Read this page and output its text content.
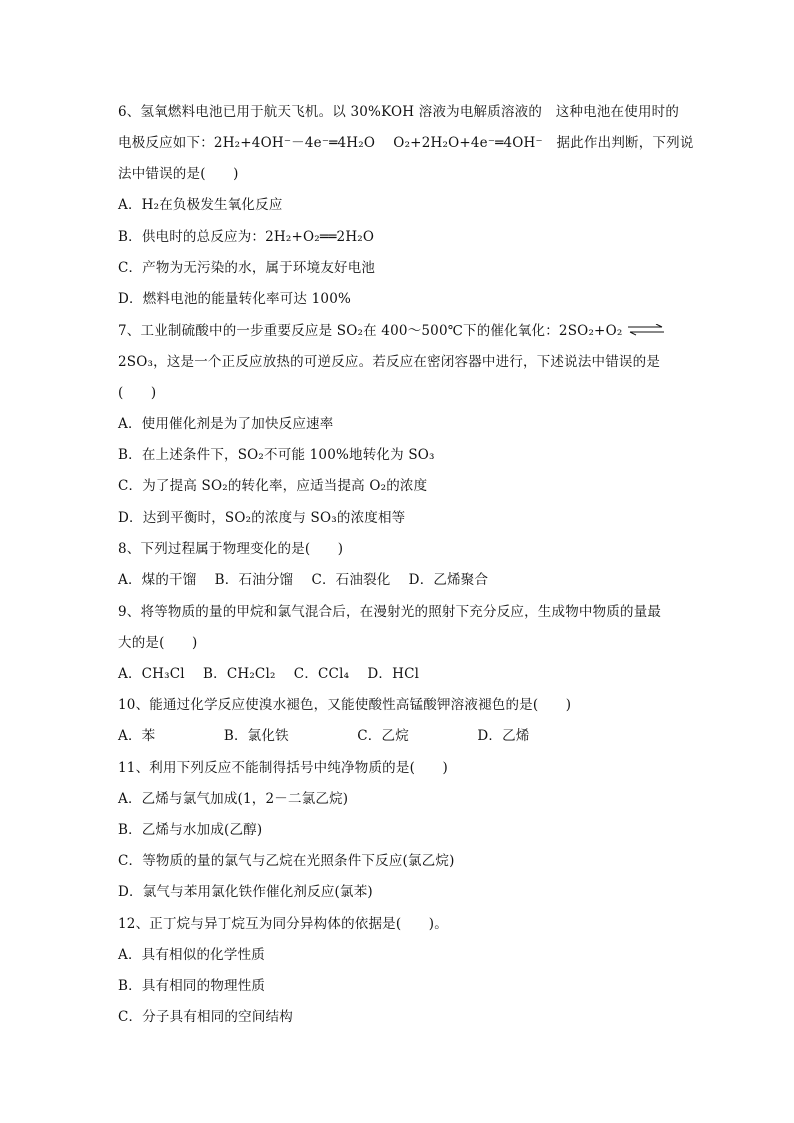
6、氢氧燃料电池已用于航天飞机。以 30%KOH 溶液为电解质溶液的　这种电池在使用时的
电极反应如下：2H₂+4OH⁻－4e⁻═4H₂O　 O₂+2H₂O+4e⁻═4OH⁻　据此作出判断，下列说
法中错误的是(　　)
A．H₂在负极发生氧化反应
B．供电时的总反应为：2H₂+O₂══2H₂O
C．产物为无污染的水，属于环境友好电池
D．燃料电池的能量转化率可达 100%
7、工业制硫酸中的一步重要反应是 SO₂在 400～500℃下的催化氧化：2SO₂+O₂ ⇌
2SO₃，这是一个正反应放热的可逆反应。若反应在密闭容器中进行，下述说法中错误的是
(　　)
A．使用催化剂是为了加快反应速率
B．在上述条件下，SO₂不可能 100%地转化为 SO₃
C．为了提高 SO₂的转化率，应适当提高 O₂的浓度
D．达到平衡时，SO₂的浓度与 SO₃的浓度相等
8、下列过程属于物理变化的是(　　)
A．煤的干馏　 B．石油分馏　 C．石油裂化　 D．乙烯聚合
9、将等物质的量的甲烷和氯气混合后，在漫射光的照射下充分反应，生成物中物质的量最
大的是(　　)
A．CH₃Cl　 B．CH₂Cl₂　 C．CCl₄　 D．HCl
10、能通过化学反应使溴水褪色，又能使酸性高锰酸钾溶液褪色的是(　　)
A．苯　　　　　B．氯化铁　　　　　C．乙烷　　　　　D．乙烯
11、利用下列反应不能制得括号中纯净物质的是(　　)
A．乙烯与氯气加成(1，2－二氯乙烷)
B．乙烯与水加成(乙醇)
C．等物质的量的氯气与乙烷在光照条件下反应(氯乙烷)
D．氯气与苯用氯化铁作催化剂反应(氯苯)
12、正丁烷与异丁烷互为同分异构体的依据是(　　)。
A．具有相似的化学性质
B．具有相同的物理性质
C．分子具有相同的空间结构
